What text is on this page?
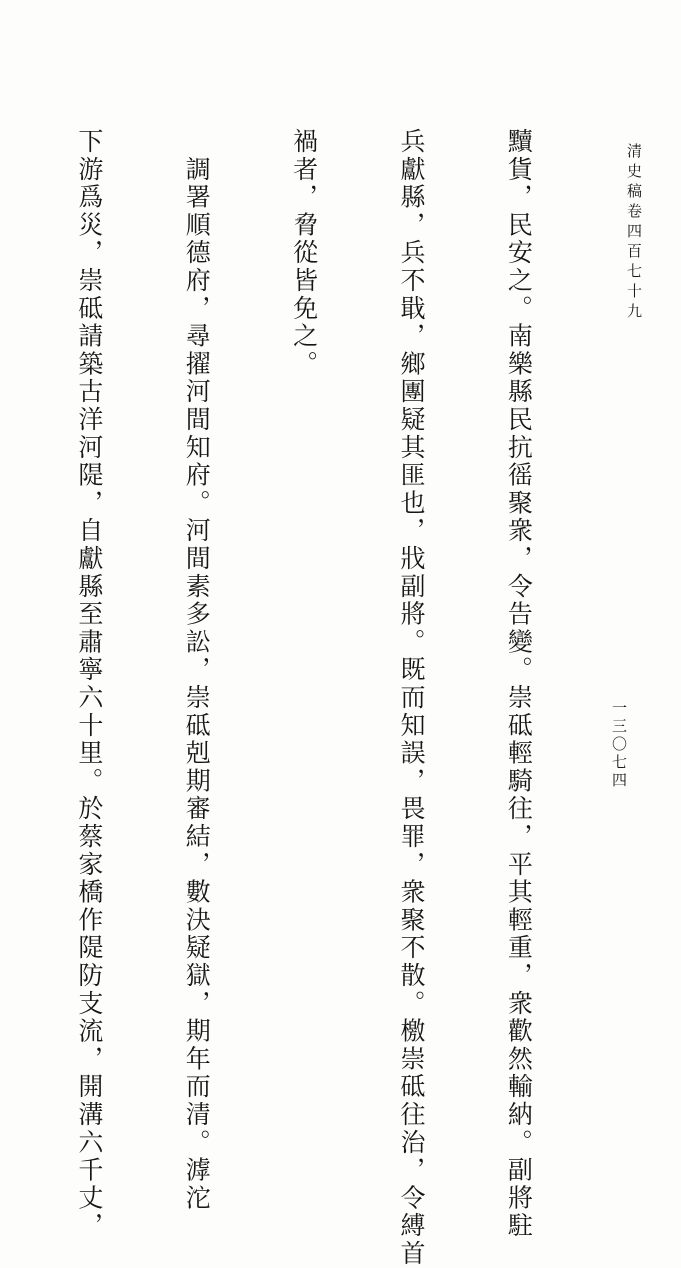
清史稿卷四百七十九
一三〇七四

黷貨，民安之。南樂縣民抗徭聚衆，令告變。崇砥輕騎往，平其輕重，衆歡然輸納。副將駐

兵獻縣，兵不戢，鄉團疑其匪也，戕副將。既而知誤，畏罪，衆聚不散。檄崇砥往治，令縛首

禍者，脅從皆免之。

　調署順德府，尋擢河間知府。河間素多訟，崇砥剋期審結，數決疑獄，期年而清。滹沱

下游爲災，崇砥請築古洋河隄，自獻縣至肅寧六十里。於蔡家橋作隄防支流，開溝六千丈，
